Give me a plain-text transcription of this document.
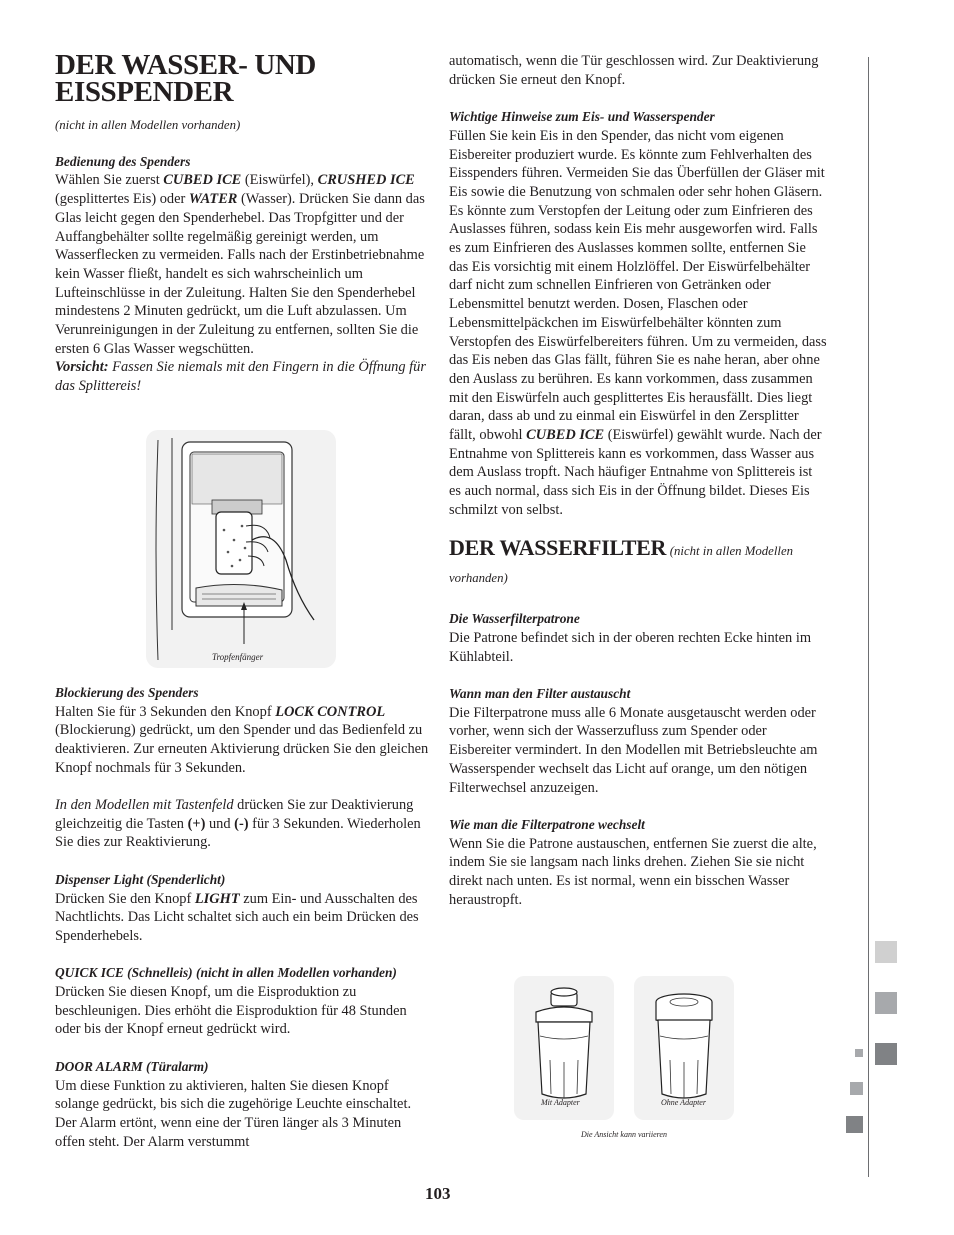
DER WASSER- UND EISSPENDER
(nicht in allen Modellen vorhanden)
Bedienung des Spenders

Wählen Sie zuerst CUBED ICE (Eiswürfel), CRUSHED ICE (gesplittertes Eis) oder WATER (Wasser). Drücken Sie dann das Glas leicht gegen den Spenderhebel. Das Tropfgitter und der Auffangbehälter sollte regelmäßig gereinigt werden, um Wasserflecken zu vermeiden. Falls nach der Erstinbetriebnahme kein Wasser fließt, handelt es sich wahrscheinlich um Lufteinschlüsse in der Zuleitung. Halten Sie den Spenderhebel mindestens 2 Minuten gedrückt, um die Luft abzulassen. Um Verunreinigungen in der Zuleitung zu entfernen, sollten Sie die ersten 6 Glas Wasser wegschütten.

Vorsicht: Fassen Sie niemals mit den Fingern in die Öffnung für das Splittereis!

Blockierung des Spenders

Halten Sie für 3 Sekunden den Knopf LOCK CONTROL (Blockierung) gedrückt, um den Spender und das Bedienfeld zu deaktivieren. Zur erneuten Aktivierung drücken Sie den gleichen Knopf nochmals für 3 Sekunden.

In den Modellen mit Tastenfeld drücken Sie zur Deaktivierung gleichzeitig die Tasten (+) und (-) für 3 Sekunden. Wiederholen Sie dies zur Reaktivierung.

Dispenser Light (Spenderlicht)

Drücken Sie den Knopf LIGHT zum Ein- und Ausschalten des Nachtlichts. Das Licht schaltet sich auch ein beim Drücken des Spenderhebels.

QUICK ICE (Schnelleis) (nicht in allen Modellen vorhanden)

Drücken Sie diesen Knopf, um die Eisproduktion zu beschleunigen. Dies erhöht die Eisproduktion für 48 Stunden oder bis der Knopf erneut gedrückt wird.

DOOR ALARM (Türalarm)

Um diese Funktion zu aktivieren, halten Sie diesen Knopf solange gedrückt, bis sich die zugehörige Leuchte einschaltet. Der Alarm ertönt, wenn eine der Türen länger als 3 Minuten offen steht. Der Alarm verstummt

Tropfenfänger

automatisch, wenn die Tür geschlossen wird. Zur Deaktivierung drücken Sie erneut den Knopf.

Wichtige Hinweise zum Eis- und Wasserspender

Füllen Sie kein Eis in den Spender, das nicht vom eigenen Eisbereiter produziert wurde. Es könnte zum Fehlverhalten des Eisspenders führen. Vermeiden Sie das Überfüllen der Gläser mit Eis sowie die Benutzung von schmalen oder sehr hohen Gläsern. Es könnte zum Verstopfen der Leitung oder zum Einfrieren des Auslasses führen, sodass kein Eis mehr ausgeworfen wird. Falls es zum Einfrieren des Auslasses kommen sollte, entfernen Sie das Eis vorsichtig mit einem Holzlöffel. Der Eiswürfelbehälter darf nicht zum schnellen Einfrieren von Getränken oder Lebensmittel benutzt werden. Dosen, Flaschen oder Lebensmittelpäckchen im Eiswürfelbehälter könnten zum Verstopfen des Eiswürfelbereiters führen. Um zu vermeiden, dass das Eis neben das Glas fällt, führen Sie es nahe heran, aber ohne den Auslass zu berühren. Es kann vorkommen, dass zusammen mit den Eiswürfeln auch gesplittertes Eis herausfällt. Dies liegt daran, dass ab und zu einmal ein Eiswürfel in den Zersplitter fällt, obwohl CUBED ICE (Eiswürfel) gewählt wurde. Nach der Entnahme von Splittereis kann es vorkommen, dass Wasser aus dem Auslass tropft. Nach häufiger Entnahme von Splittereis ist es auch normal, dass sich Eis in der Öffnung bildet. Dieses Eis schmilzt von selbst.

DER WASSERFILTER (nicht in allen Modellen vorhanden)
Die Wasserfilterpatrone

Die Patrone befindet sich in der oberen rechten Ecke hinten im Kühlabteil.

Wann man den Filter austauscht

Die Filterpatrone muss alle 6 Monate ausgetauscht werden oder vorher, wenn sich der Wasserzufluss zum Spender oder Eisbereiter vermindert. In den Modellen mit Betriebsleuchte am Wasserspender wechselt das Licht auf orange, um den nötigen Filterwechsel anzuzeigen.

Wie man die Filterpatrone wechselt

Wenn Sie die Patrone austauschen, entfernen Sie zuerst die alte, indem Sie sie langsam nach links drehen. Ziehen Sie sie nicht direkt nach unten. Es ist normal, wenn ein bisschen Wasser heraustropft.

Mit Adapter	Ohne Adapter
Die Ansicht kann variieren
103
